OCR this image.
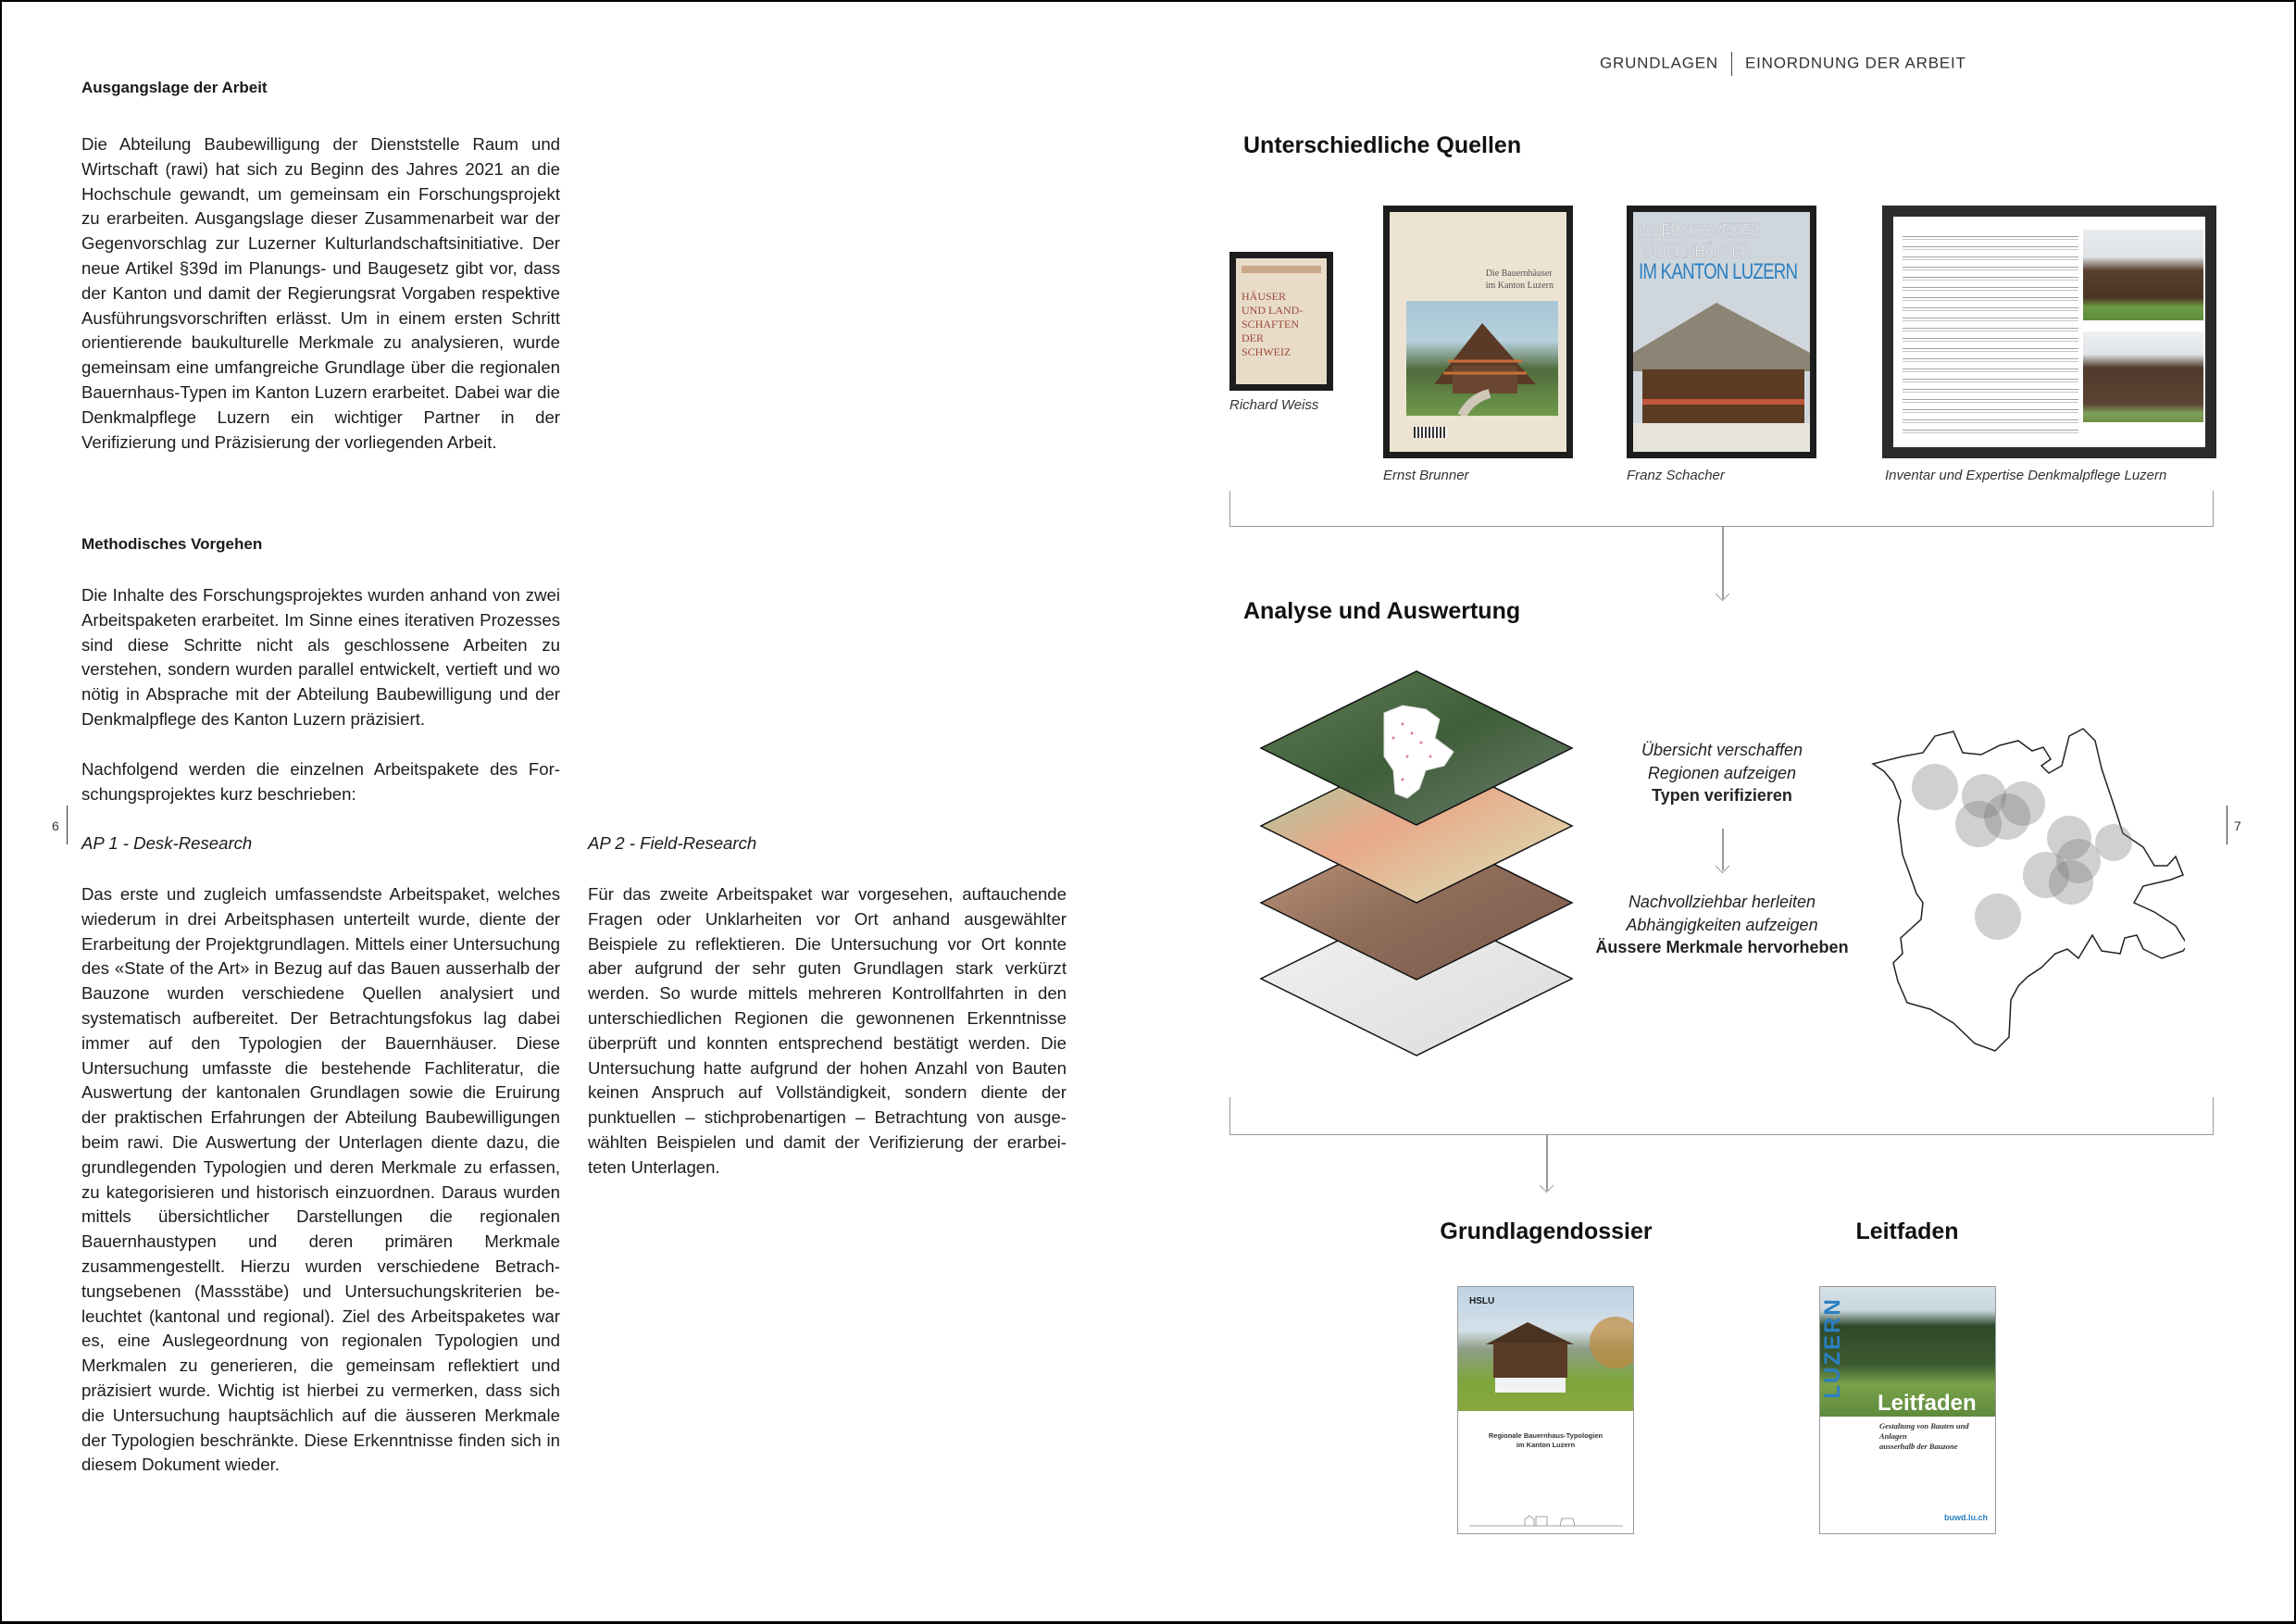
GRUNDLAGEN EINORDNUNG DER ARBEIT
6	7
Ausgangslage der Arbeit
Die Abteilung Baubewilligung der Dienststelle Raum und Wirtschaft (rawi) hat sich zu Beginn des Jahres 2021 an die Hochschule gewandt, um gemeinsam ein Forschungsprojekt zu erarbeiten. Ausgangslage dieser Zusammenarbeit war der Gegenvorschlag zur Luzerner Kulturlandschaftsinitiative. Der neue Artikel §39d im Planungs- und Baugesetz gibt vor, dass der Kanton und damit der Regierungsrat Vorgaben respektive Ausführungsvorschriften erlässt. Um in einem ersten Schritt orientierende baukulturelle Merkmale zu analysieren, wurde gemeinsam eine umfangreiche Grundlage über die regionalen Bauernhaus-Typen im Kanton Luzern erarbeitet. Dabei war die Denkmalpflege Luzern ein wichtiger Partner in der Verifizierung und Präzisierung der vorliegenden Arbeit.
Methodisches Vorgehen
Die Inhalte des Forschungsprojektes wurden anhand von zwei Arbeitspaketen erarbeitet. Im Sinne eines iterativen Prozesses sind diese Schritte nicht als geschlossene Arbeiten zu verstehen, sondern wurden parallel entwickelt, vertieft und wo nötig in Absprache mit der Abteilung Baubewilligung und der Denkmalpflege des Kanton Luzern präzisiert.
Nachfolgend werden die einzelnen Arbeitspakete des Forschungsprojektes kurz beschrieben:
AP 1 - Desk-Research
Das erste und zugleich umfassendste Arbeitspaket, welches wiederum in drei Arbeitsphasen unterteilt wurde, diente der Erarbeitung der Projektgrundlagen. Mittels einer Untersuchung des «State of the Art» in Bezug auf das Bauen ausserhalb der Bauzone wurden verschiedene Quellen analysiert und systematisch aufbereitet. Der Betrachtungsfokus lag dabei immer auf den Typologien der Bauernhäuser. Diese Untersuchung umfasste die bestehende Fachliteratur, die Auswertung der kantonalen Grundlagen sowie die Eruirung der praktischen Erfahrungen der Abteilung Baubewilligungen beim rawi. Die Auswertung der Unterlagen diente dazu, die grundlegenden Typologien und deren Merkmale zu erfassen, zu kategorisieren und historisch einzuordnen. Daraus wurden mittels übersichtlicher Darstellungen die regionalen Bauernhaustypen und deren primären Merkmale zusammengestellt. Hierzu wurden verschiedene Betrachtungsebenen (Massstäbe) und Untersuchungskriterien beleuchtet (kantonal und regional). Ziel des Arbeitspaketes war es, eine Auslegeordnung von regionalen Typologien und Merkmalen zu generieren, die gemeinsam reflektiert und präzisiert wurde. Wichtig ist hierbei zu vermerken, dass sich die Untersuchung hauptsächlich auf die äusseren Merkmale der Typologien beschränkte. Diese Erkenntnisse finden sich in diesem Dokument wieder.
AP 2 - Field-Research
Für das zweite Arbeitspaket war vorgesehen, auftauchende Fragen oder Unklarheiten vor Ort anhand ausgewählter Beispiele zu reflektieren. Die Untersuchung vor Ort konnte aber aufgrund der sehr guten Grundlagen stark verkürzt werden. So wurde mittels mehreren Kontrollfahrten in den unterschiedlichen Regionen die gewonnenen Erkenntnisse überprüft und konnten entsprechend bestätigt werden. Die Untersuchung hatte aufgrund der hohen Anzahl von Bauten keinen Anspruch auf Vollständigkeit, sondern diente der punktuellen – stichprobenartigen – Betrachtung von ausgewählten Beispielen und damit der Verifizierung der erarbeiteten Unterlagen.
Unterschiedliche Quellen
HÄUSER
UND LAND-
SCHAFTEN
DER
SCHWEIZ
Richard Weiss
Die Bauernhäuser
im Kanton Luzern
Ernst Brunner
INNERSCHWEIZER
BAUERNHÄUSER
IM KANTON LUZERN
Franz Schacher	Inventar und Expertise Denkmalpflege Luzern
Analyse und Auswertung
Übersicht verschaffen
Regionen aufzeigen
Typen verifizieren
Nachvollziehbar herleiten
Abhängigkeiten aufzeigen
Äussere Merkmale hervorheben
Grundlagendossier	Leitfaden
HSLU
Regionale Bauernhaus-Typologien
im Kanton Luzern
LUZERN
Leitfaden
Gestaltung von Bauten und Anlagen
ausserhalb der Bauzone
buwd.lu.ch
